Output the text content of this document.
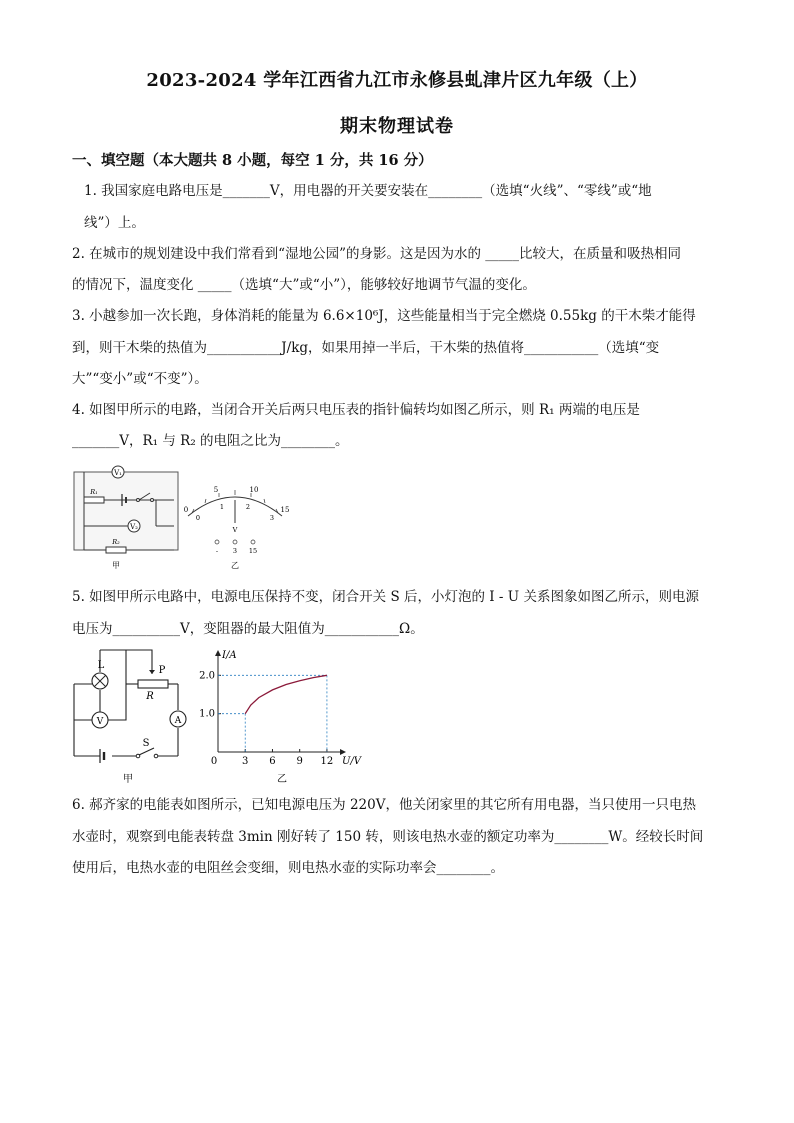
2023-2024 学年江西省九江市永修县虬津片区九年级（上）
期末物理试卷
一、填空题（本大题共 8 小题，每空 1 分，共 16 分）
1. 我国家庭电路电压是_______V，用电器的开关要安装在________（选填“火线”、“零线”或“地
线”）上。
2. 在城市的规划建设中我们常看到“湿地公园”的身影。这是因为水的 _____比较大，在质量和吸热相同
的情况下，温度变化 _____（选填“大”或“小”），能够较好地调节气温的变化。
3. 小越参加一次长跑，身体消耗的能量为 6.6×10⁶J，这些能量相当于完全燃烧 0.55kg 的干木柴才能得
到，则干木柴的热值为___________J/kg，如果用掉一半后，干木柴的热值将___________（选填“变
大”“变小”或“不变”）。
4. 如图甲所示的电路，当闭合开关后两只电压表的指针偏转均如图乙所示，则 R₁ 两端的电压是
_______V，R₁ 与 R₂ 的电阻之比为________。
V₁
R₁
V₂
R₂
甲
0
5	10
15
0
1	2
3
V
- 3 15
乙
5. 如图甲所示电路中，电源电压保持不变，闭合开关 S 后，小灯泡的 I - U 关系图象如图乙所示，则电源
电压为__________V，变阻器的最大阻值为___________Ω。
L
V
P
R
A
S
甲
I/A
U/V
0 3 6 9 12
1.0
2.0
乙
6. 郝齐家的电能表如图所示，已知电源电压为 220V，他关闭家里的其它所有用电器，当只使用一只电热
水壶时，观察到电能表转盘 3min 刚好转了 150 转，则该电热水壶的额定功率为________W。经较长时间
使用后，电热水壶的电阻丝会变细，则电热水壶的实际功率会________。
